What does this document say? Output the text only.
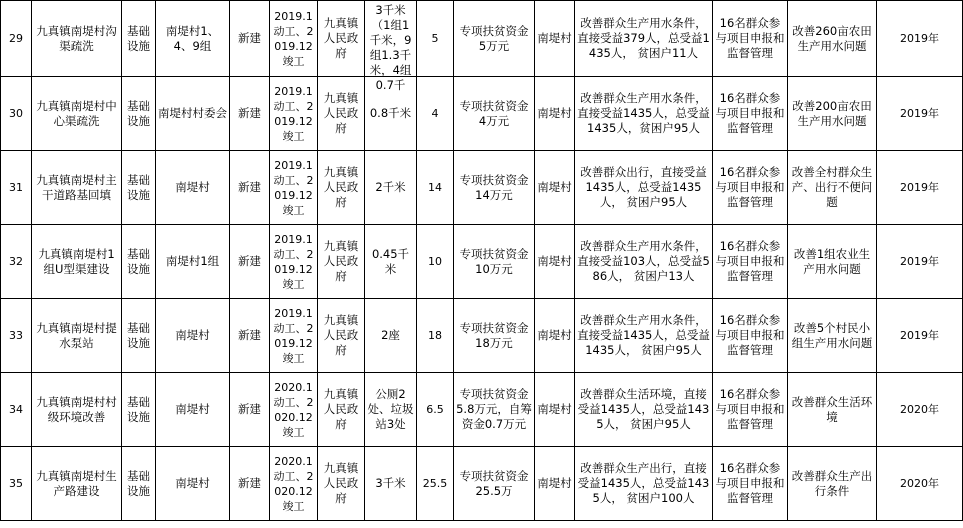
29	九真镇南堤村沟渠疏洗	基础设施	南堤村1、4、9组	新建	2019.1动工、2019.12竣工	九真镇人民政府	3千米（1组1千米，9组1.3千米，4组0.7千	5	专项扶贫资金5万元	南堤村	改善群众生产用水条件，直接受益379人，总受益1435人， 贫困户11人	16名群众参与项目申报和监督管理	改善260亩农田生产用水问题	2019年
30	九真镇南堤村中心渠疏洗	基础设施	南堤村村委会	新建	2019.1动工、2019.12竣工	九真镇人民政府	0.8千米	4	专项扶贫资金4万元	南堤村	改善群众生产用水条件，直接受益1435人，总受益1435人，贫困户95人	16名群众参与项目申报和监督管理	改善200亩农田生产用水问题	2019年
31	九真镇南堤村主干道路基回填	基础设施	南堤村	新建	2019.1动工、2019.12竣工	九真镇人民政府	2千米	14	专项扶贫资金14万元	南堤村	改善群众出行，直接受益1435人，总受益1435人， 贫困户95人	16名群众参与项目申报和监督管理	改善全村群众生产、出行不便问题	2019年
32	九真镇南堤村1组U型渠建设	基础设施	南堤村1组	新建	2019.1动工、2019.12竣工	九真镇人民政府	0.45千米	10	专项扶贫资金10万元	南堤村	改善群众生产用水条件，直接受益103人，总受益586人， 贫困户13人	16名群众参与项目申报和监督管理	改善1组农业生产用水问题	2019年
33	九真镇南堤村提水泵站	基础设施	南堤村	新建	2019.1动工、2019.12竣工	九真镇人民政府	2座	18	专项扶贫资金18万元	南堤村	改善群众生产用水条件，直接受益1435人，总受益1435人， 贫困户95人	16名群众参与项目申报和监督管理	改善5个村民小组生产用水问题	2019年
34	九真镇南堤村村级环境改善	基础设施	南堤村	新建	2020.1动工、2020.12竣工	九真镇人民政府	公厕2处、垃圾站3处	6.5	专项扶贫资金5.8万元，自筹资金0.7万元	南堤村	改善群众生活环境，直接受益1435人，总受益1435人， 贫困户95人	16名群众参与项目申报和监督管理	改善群众生活环境	2020年
35	九真镇南堤村生产路建设	基础设施	南堤村	新建	2020.1动工、2020.12竣工	九真镇人民政府	3千米	25.5	专项扶贫资金25.5万	南堤村	改善群众生产出行，直接受益1435人，总受益1435人， 贫困户100人	16名群众参与项目申报和监督管理	改善群众生产出行条件	2020年
